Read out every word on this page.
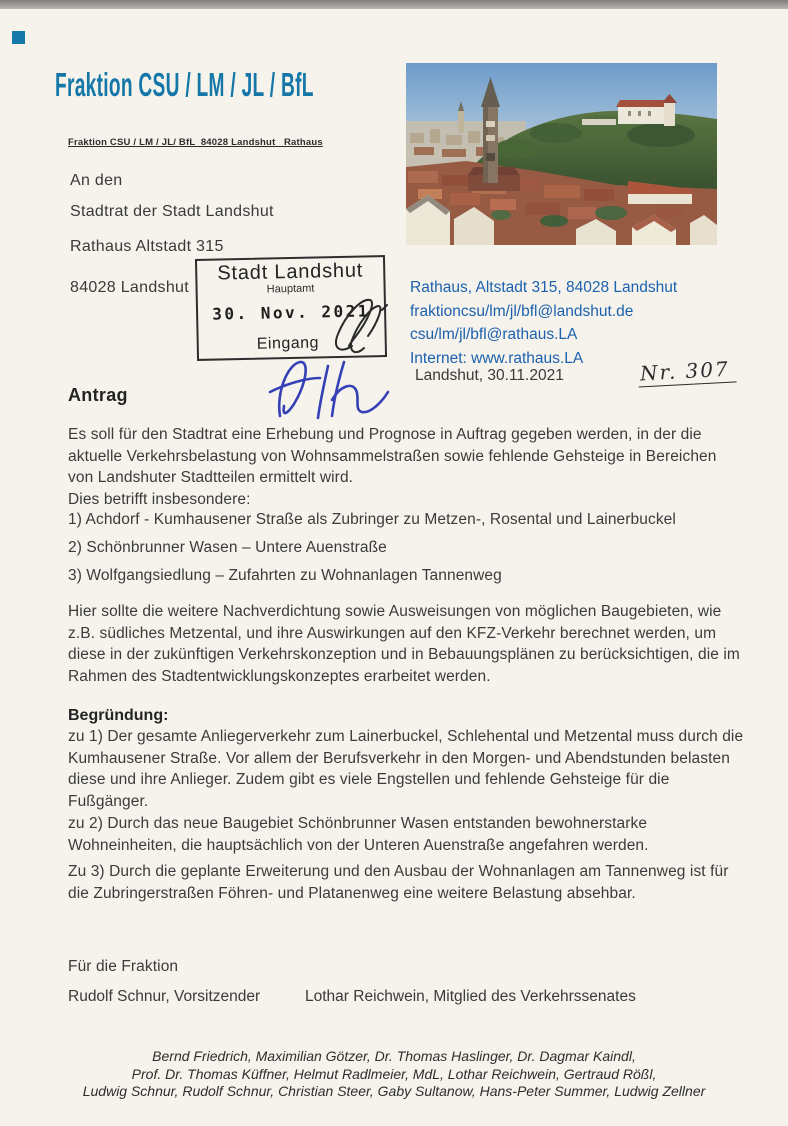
Fraktion CSU / LM / JL / BfL
Fraktion CSU / LM / JL/ BfL  84028 Landshut   Rathaus
An den
Stadtrat der Stadt Landshut
Rathaus Altstadt 315
84028 Landshut
Stadt Landshut
Hauptamt
30. Nov. 2021
Eingang
Rathaus, Altstadt 315, 84028 Landshut
fraktioncsu/lm/jl/bfl@landshut.de
csu/lm/jl/bfl@rathaus.LA
Internet: www.rathaus.LA
Landshut, 30.11.2021	Nr. 307
Antrag
Es soll für den Stadtrat eine Erhebung und Prognose in Auftrag gegeben werden, in der die aktuelle Verkehrsbelastung von Wohnsammelstraßen sowie fehlende Gehsteige in Bereichen von Landshuter Stadtteilen ermittelt wird.
Dies betrifft insbesondere:
1) Achdorf - Kumhausener Straße als Zubringer zu Metzen-, Rosental und Lainerbuckel
2) Schönbrunner Wasen – Untere Auenstraße
3) Wolfgangsiedlung – Zufahrten zu Wohnanlagen Tannenweg
Hier sollte die weitere Nachverdichtung sowie Ausweisungen von möglichen Baugebieten, wie z.B. südliches Metzental, und ihre Auswirkungen auf den KFZ-Verkehr berechnet werden, um diese in der zukünftigen Verkehrskonzeption und in Bebauungsplänen zu berücksichtigen, die im Rahmen des Stadtentwicklungskonzeptes erarbeitet werden.
Begründung:
zu 1) Der gesamte Anliegerverkehr zum Lainerbuckel, Schlehental und Metzental muss durch die Kumhausener Straße. Vor allem der Berufsverkehr in den Morgen- und Abendstunden belasten diese und ihre Anlieger. Zudem gibt es viele Engstellen und fehlende Gehsteige für die Fußgänger.
zu 2) Durch das neue Baugebiet Schönbrunner Wasen entstanden bewohnerstarke Wohneinheiten, die hauptsächlich von der Unteren Auenstraße angefahren werden.
Zu 3) Durch die geplante Erweiterung und den Ausbau der Wohnanlagen am Tannenweg ist für die Zubringerstraßen Föhren- und Platanenweg eine weitere Belastung absehbar.
Für die Fraktion
Rudolf Schnur, Vorsitzender	Lothar Reichwein, Mitglied des Verkehrssenates
Bernd Friedrich, Maximilian Götzer, Dr. Thomas Haslinger, Dr. Dagmar Kaindl,
Prof. Dr. Thomas Küffner, Helmut Radlmeier, MdL, Lothar Reichwein, Gertraud Rößl,
Ludwig Schnur, Rudolf Schnur, Christian Steer, Gaby Sultanow, Hans-Peter Summer, Ludwig Zellner
